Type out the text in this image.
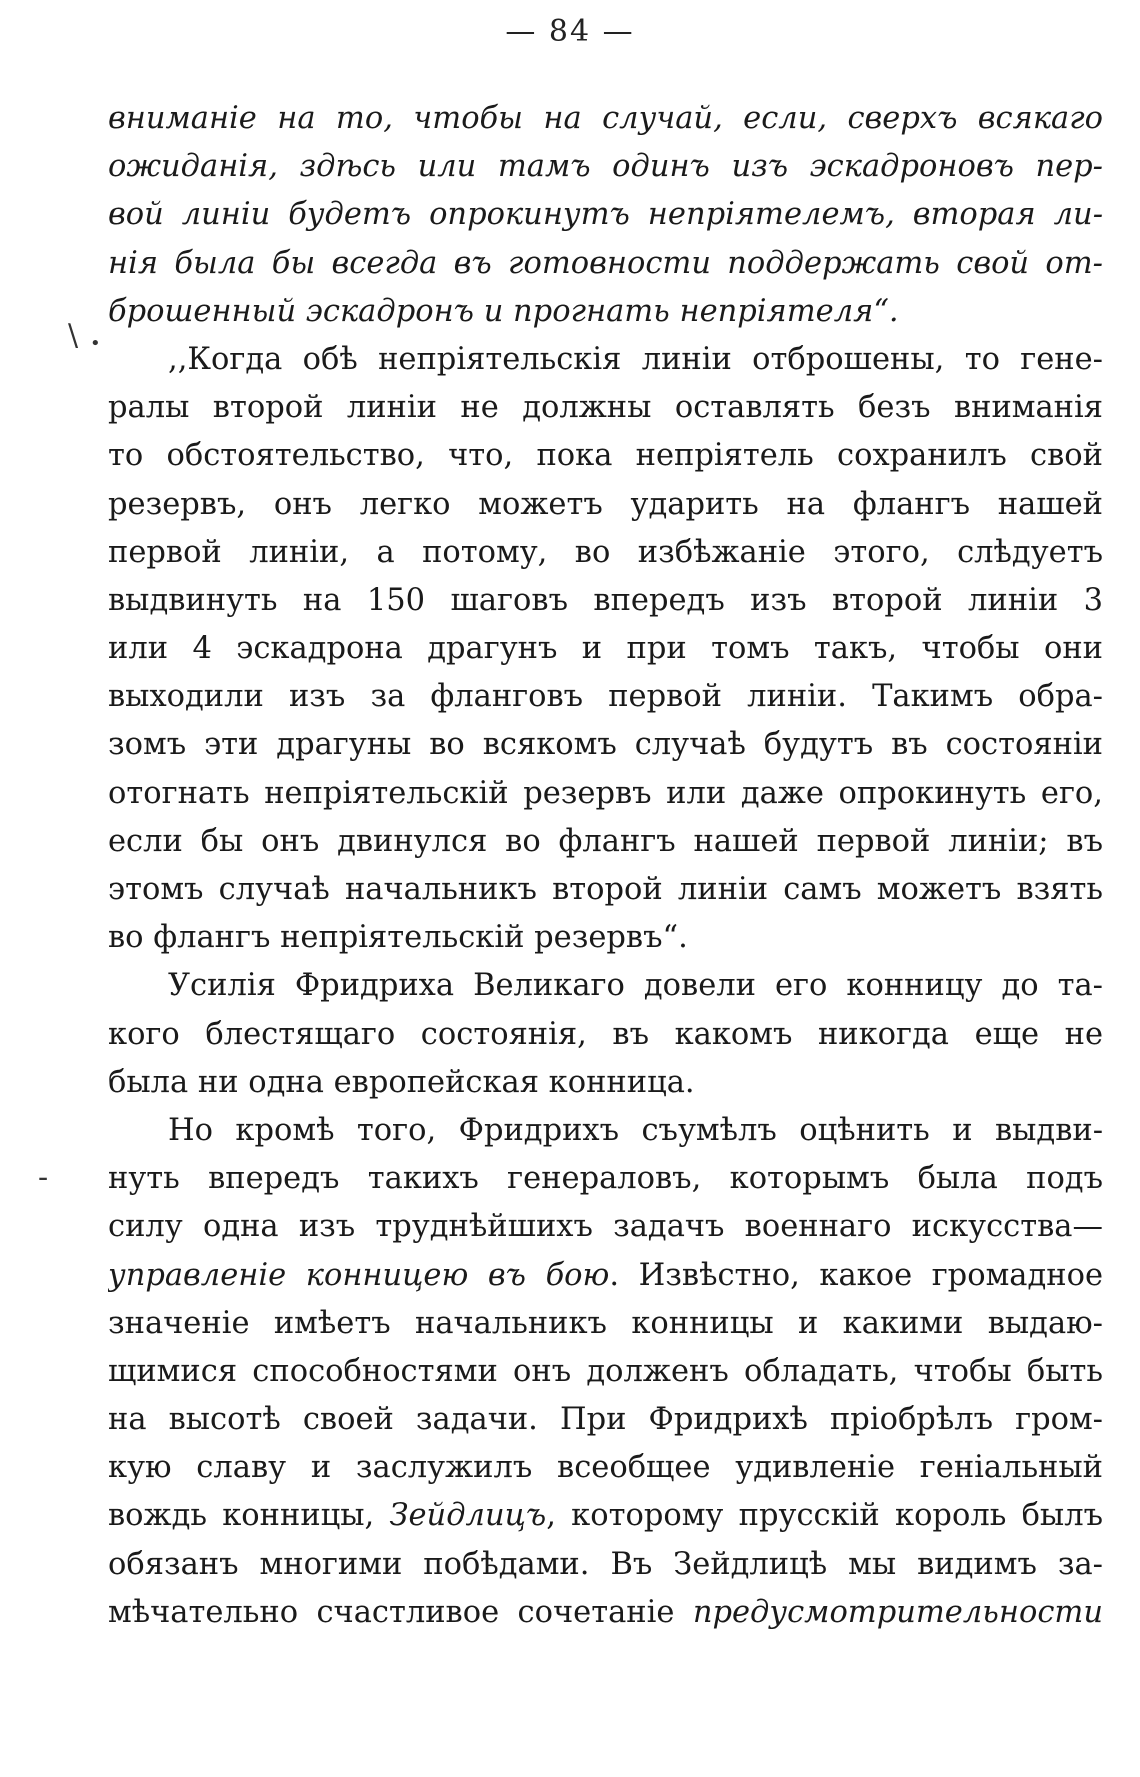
— 84 —
\ •
-
вниманіе на то, чтобы на случай, если, сверхъ всякаго
ожиданія, здѣсь или тамъ одинъ изъ эскадроновъ пер-
вой линіи будетъ опрокинутъ непріятелемъ, вторая ли-
нія была бы всегда въ готовности поддержать свой от-
брошенный эскадронъ и прогнать непріятеля“.
,,Когда обѣ непріятельскія линіи отброшены, то гене-
ралы второй линіи не должны оставлять безъ вниманія
то обстоятельство, что, пока непріятель сохранилъ свой
резервъ, онъ легко можетъ ударить на флангъ нашей
первой линіи, а потому, во избѣжаніе этого, слѣдуетъ
выдвинуть на 150 шаговъ впередъ изъ второй линіи 3
или 4 эскадрона драгунъ и при томъ такъ, чтобы они
выходили изъ за фланговъ первой линіи. Такимъ обра-
зомъ эти драгуны во всякомъ случаѣ будутъ въ состояніи
отогнать непріятельскій резервъ или даже опрокинуть его,
если бы онъ двинулся во флангъ нашей первой линіи; въ
этомъ случаѣ начальникъ второй линіи самъ можетъ взять
во флангъ непріятельскій резервъ“.
Усилія Фридриха Великаго довели его конницу до та-
кого блестящаго состоянія, въ какомъ никогда еще не
была ни одна европейская конница.
Но кромѣ того, Фридрихъ съумѣлъ оцѣнить и выдви-
нуть впередъ такихъ генераловъ, которымъ была подъ
силу одна изъ труднѣйшихъ задачъ военнаго искусства—
управленіе конницею въ бою. Извѣстно, какое громадное
значеніе имѣетъ начальникъ конницы и какими выдаю-
щимися способностями онъ долженъ обладать, чтобы быть
на высотѣ своей задачи. При Фридрихѣ пріобрѣлъ гром-
кую славу и заслужилъ всеобщее удивленіе геніальный
вождь конницы, Зейдлицъ, которому прусскій король былъ
обязанъ многими побѣдами. Въ Зейдлицѣ мы видимъ за-
мѣчательно счастливое сочетаніе предусмотрительности
